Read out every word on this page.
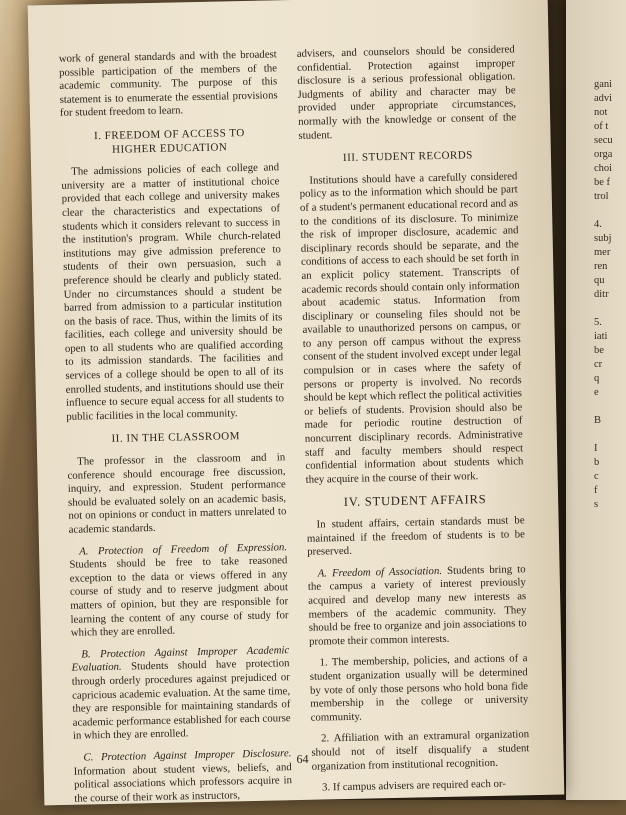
gani
advi
not
of t
secu
orga
choi
be f
trol

4.
subj
mer
ren
qu
ditr

5.
iati
be
cr
q
e

B

I
b
c
f
s

work of general standards and with the broadest possible participation of the members of the academic community. The purpose of this statement is to enumerate the essential provisions for student freedom to learn.

I. FREEDOM OF ACCESS TO
HIGHER EDUCATION

The admissions policies of each college and university are a matter of institutional choice provided that each college and university makes clear the characteristics and expectations of students which it considers relevant to success in the institution's program. While church-related institutions may give admission preference to students of their own persuasion, such a preference should be clearly and publicly stated. Under no circumstances should a student be barred from admission to a particular institution on the basis of race. Thus, within the limits of its facilities, each college and university should be open to all students who are qualified according to its admission standards. The facilities and services of a college should be open to all of its enrolled students, and institutions should use their influence to secure equal access for all students to public facilities in the local community.

II. IN THE CLASSROOM

The professor in the classroom and in conference should encourage free discussion, inquiry, and expression. Student performance should be evaluated solely on an academic basis, not on opinions or conduct in matters unrelated to academic standards.

A. Protection of Freedom of Expression. Students should be free to take reasoned exception to the data or views offered in any course of study and to reserve judgment about matters of opinion, but they are responsible for learning the content of any course of study for which they are enrolled.

B. Protection Against Improper Academic Evaluation. Students should have protection through orderly procedures against prejudiced or capricious academic evaluation. At the same time, they are responsible for maintaining standards of academic performance established for each course in which they are enrolled.

C. Protection Against Improper Disclosure. Information about student views, beliefs, and political associations which professors acquire in the course of their work as instructors,

advisers, and counselors should be considered confidential. Protection against improper disclosure is a serious professional obligation. Judgments of ability and character may be provided under appropriate circumstances, normally with the knowledge or consent of the student.

III. STUDENT RECORDS

Institutions should have a carefully considered policy as to the information which should be part of a student's permanent educational record and as to the conditions of its disclosure. To minimize the risk of improper disclosure, academic and disciplinary records should be separate, and the conditions of access to each should be set forth in an explicit policy statement. Transcripts of academic records should contain only information about academic status. Information from disciplinary or counseling files should not be available to unauthorized persons on campus, or to any person off campus without the express consent of the student involved except under legal compulsion or in cases where the safety of persons or property is involved. No records should be kept which reflect the political activities or beliefs of students. Provision should also be made for periodic routine destruction of noncurrent disciplinary records. Administrative staff and faculty members should respect confidential information about students which they acquire in the course of their work.

IV. STUDENT AFFAIRS

In student affairs, certain standards must be maintained if the freedom of students is to be preserved.

A. Freedom of Association. Students bring to the campus a variety of interest previously acquired and develop many new interests as members of the academic community. They should be free to organize and join associations to promote their common interests.

1. The membership, policies, and actions of a student organization usually will be determined by vote of only those persons who hold bona fide membership in the college or university community.

2. Affiliation with an extramural organization should not of itself disqualify a student organization from institutional recognition.

3. If campus advisers are required each or-

64
